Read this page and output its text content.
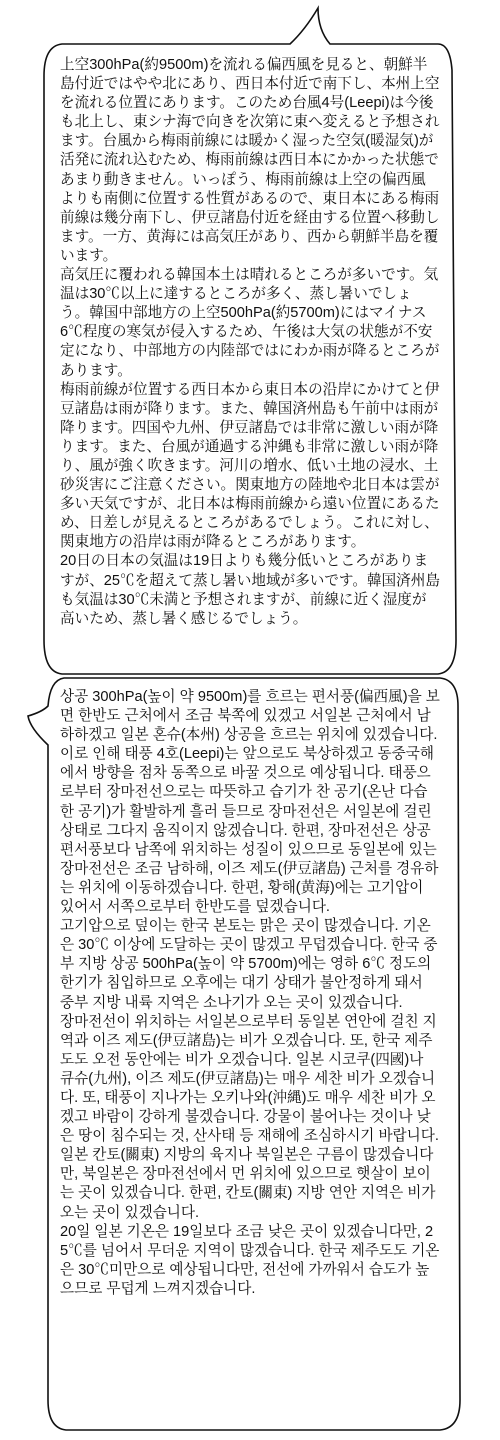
上空300hPa(約9500m)を流れる偏西風を見ると、朝鮮半島付近ではやや北にあり、西日本付近で南下し、本州上空を流れる位置にあります。このため台風4号(Leepi)は今後も北上し、東シナ海で向きを次第に東へ変えると予想されます。台風から梅雨前線には暖かく湿った空気(暖湿気)が活発に流れ込むため、梅雨前線は西日本にかかった状態であまり動きません。いっぽう、梅雨前線は上空の偏西風よりも南側に位置する性質があるので、東日本にある梅雨前線は幾分南下し、伊豆諸島付近を経由する位置へ移動します。一方、黄海には高気圧があり、西から朝鮮半島を覆います。

高気圧に覆われる韓国本土は晴れるところが多いです。気温は30℃以上に達するところが多く、蒸し暑いでしょう。韓国中部地方の上空500hPa(約5700m)にはマイナス6℃程度の寒気が侵入するため、午後は大気の状態が不安定になり、中部地方の内陸部ではにわか雨が降るところがあります。

梅雨前線が位置する西日本から東日本の沿岸にかけてと伊豆諸島は雨が降ります。また、韓国済州島も午前中は雨が降ります。四国や九州、伊豆諸島では非常に激しい雨が降ります。また、台風が通過する沖縄も非常に激しい雨が降り、風が強く吹きます。河川の増水、低い土地の浸水、土砂災害にご注意ください。関東地方の陸地や北日本は雲が多い天気ですが、北日本は梅雨前線から遠い位置にあるため、日差しが見えるところがあるでしょう。これに対し、関東地方の沿岸は雨が降るところがあります。

20日の日本の気温は19日よりも幾分低いところがありますが、25℃を超えて蒸し暑い地域が多いです。韓国済州島も気温は30℃未満と予想されますが、前線に近く湿度が高いため、蒸し暑く感じるでしょう。

상공 300hPa(높이 약 9500m)를 흐르는 편서풍(偏西風)을 보면 한반도 근처에서 조금 북쪽에 있겠고 서일본 근처에서 남하하겠고 일본 혼슈(本州) 상공을 흐르는 위치에 있겠습니다. 이로 인해 태풍 4호(Leepi)는 앞으로도 북상하겠고 동중국해에서 방향을 점차 동쪽으로 바꿀 것으로 예상됩니다. 태풍으로부터 장마전선으로는 따뜻하고 습기가 찬 공기(온난 다습한 공기)가 활발하게 흘러 들므로 장마전선은 서일본에 걸린 상태로 그다지 움직이지 않겠습니다. 한편, 장마전선은 상공 편서풍보다 남쪽에 위치하는 성질이 있으므로 동일본에 있는 장마전선은 조금 남하해, 이즈 제도(伊豆諸島) 근처를 경유하는 위치에 이동하겠습니다. 한편, 황해(黄海)에는 고기압이 있어서 서쪽으로부터 한반도를 덮겠습니다.

고기압으로 덮이는 한국 본토는 맑은 곳이 많겠습니다. 기온은 30℃ 이상에 도달하는 곳이 많겠고 무덥겠습니다. 한국 중부 지방 상공 500hPa(높이 약 5700m)에는 영하 6℃ 정도의 한기가 침입하므로 오후에는 대기 상태가 불안정하게 돼서 중부 지방 내륙 지역은 소나기가 오는 곳이 있겠습니다.

장마전선이 위치하는 서일본으로부터 동일본 연안에 걸친 지역과 이즈 제도(伊豆諸島)는 비가 오겠습니다. 또, 한국 제주도도 오전 동안에는 비가 오겠습니다. 일본 시코쿠(四國)나 큐슈(九州), 이즈 제도(伊豆諸島)는 매우 세찬 비가 오겠습니다. 또, 태풍이 지나가는 오키나와(沖縄)도 매우 세찬 비가 오겠고 바람이 강하게 불겠습니다. 강물이 불어나는 것이나 낮은 땅이 침수되는 것, 산사태 등 재해에 조심하시기 바랍니다. 일본 칸토(關東) 지방의 육지나 북일본은 구름이 많겠습니다만, 북일본은 장마전선에서 먼 위치에 있으므로 햇살이 보이는 곳이 있겠습니다. 한편, 칸토(關東) 지방 연안 지역은 비가 오는 곳이 있겠습니다.

20일 일본 기온은 19일보다 조금 낮은 곳이 있겠습니다만, 25℃를 넘어서 무더운 지역이 많겠습니다. 한국 제주도도 기온은 30℃미만으로 예상됩니다만, 전선에 가까워서 습도가 높으므로 무덥게 느껴지겠습니다.
